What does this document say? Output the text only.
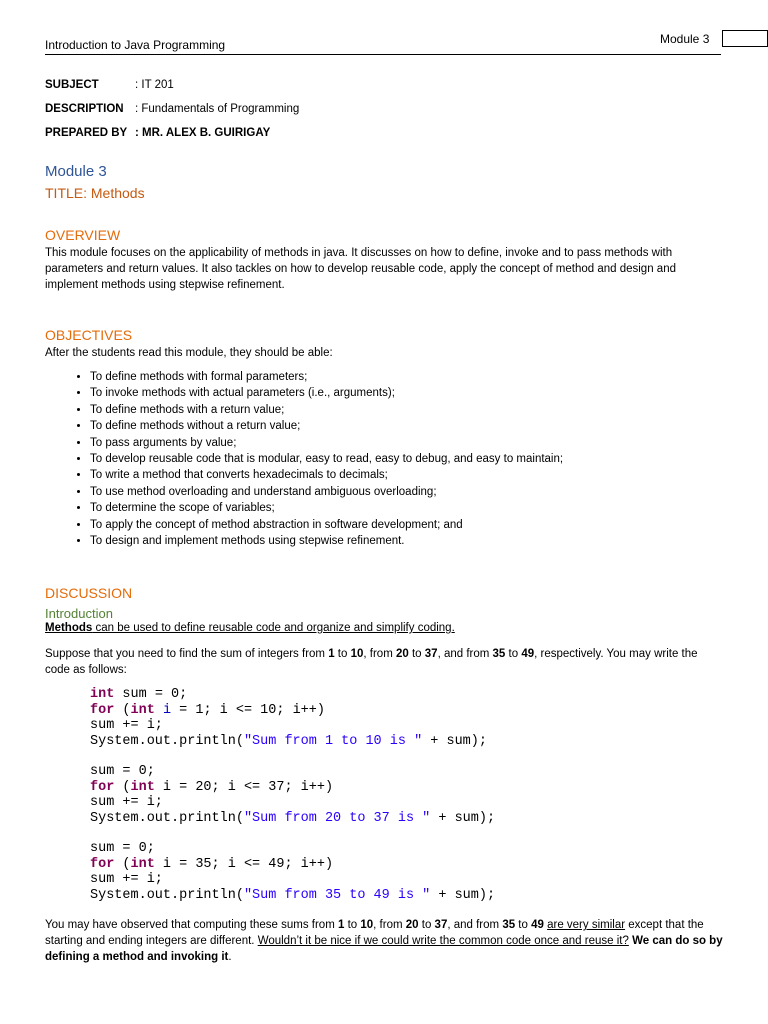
Introduction to Java Programming	Module 3
SUBJECT	: IT 201
DESCRIPTION : Fundamentals of Programming
PREPARED BY : MR. ALEX B. GUIRIGAY
Module 3
TITLE: Methods
OVERVIEW
This module focuses on the applicability of methods in java. It discusses on how to define, invoke and to pass methods with parameters and return values. It also tackles on how to develop reusable code, apply the concept of method and design and implement methods using stepwise refinement.
OBJECTIVES
After the students read this module, they should be able:
• To define methods with formal parameters;
• To invoke methods with actual parameters (i.e., arguments);
• To define methods with a return value;
• To define methods without a return value;
• To pass arguments by value;
• To develop reusable code that is modular, easy to read, easy to debug, and easy to maintain;
• To write a method that converts hexadecimals to decimals;
• To use method overloading and understand ambiguous overloading;
• To determine the scope of variables;
• To apply the concept of method abstraction in software development; and
• To design and implement methods using stepwise refinement.
DISCUSSION
Introduction
Methods can be used to define reusable code and organize and simplify coding.
Suppose that you need to find the sum of integers from 1 to 10, from 20 to 37, and from 35 to 49, respectively. You may write the code as follows:
int sum = 0;
for (int i = 1; i <= 10; i++)
sum += i;
System.out.println("Sum from 1 to 10 is " + sum);
sum = 0;
for (int i = 20; i <= 37; i++)
sum += i;
System.out.println("Sum from 20 to 37 is " + sum);
sum = 0;
for (int i = 35; i <= 49; i++)
sum += i;
System.out.println("Sum from 35 to 49 is " + sum);
You may have observed that computing these sums from 1 to 10, from 20 to 37, and from 35 to 49 are very similar except that the starting and ending integers are different. Wouldn’t it be nice if we could write the common code once and reuse it? We can do so by defining a method and invoking it.
